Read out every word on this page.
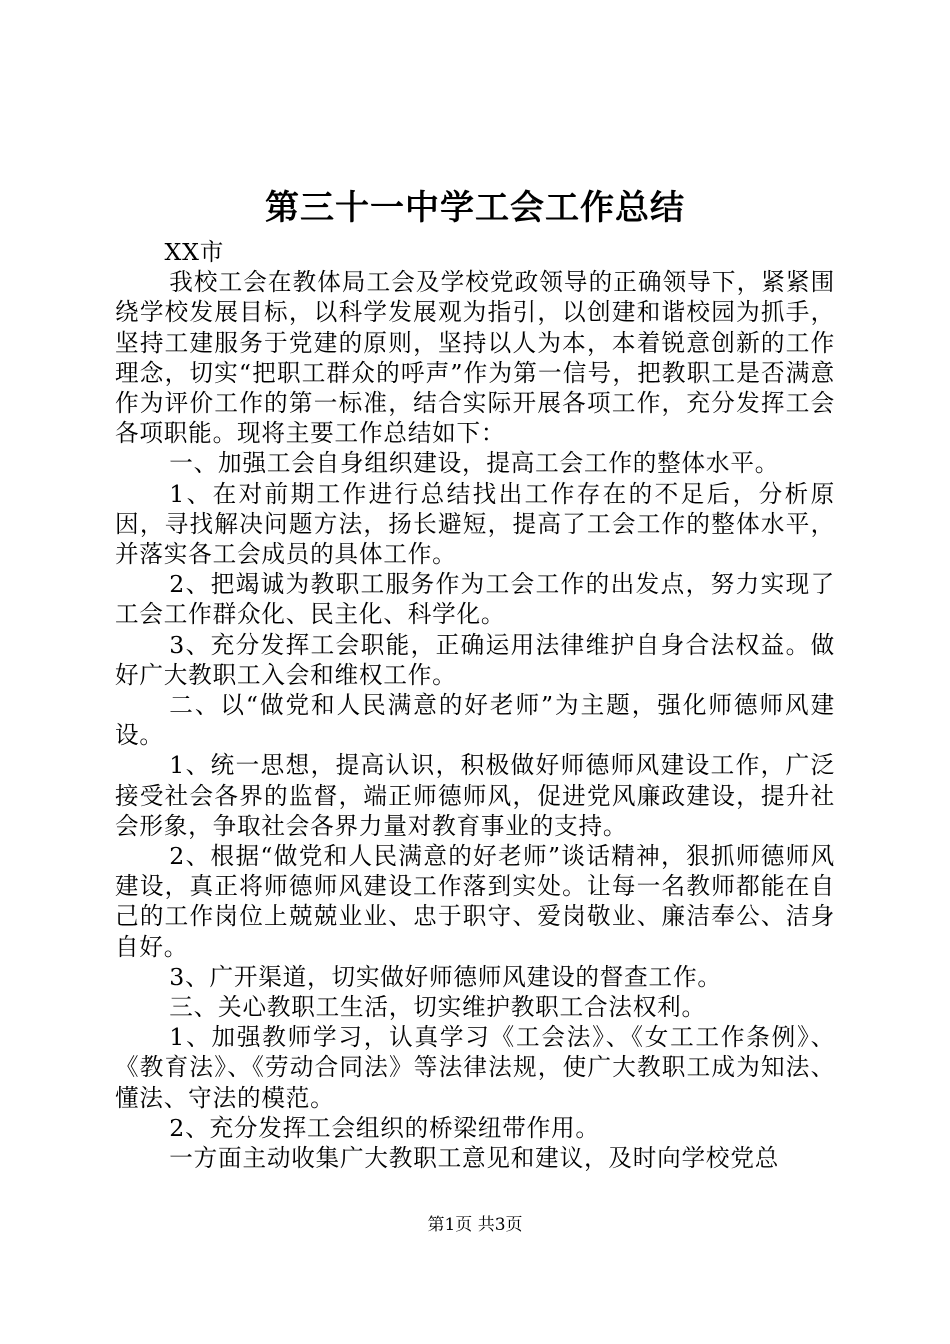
第三十一中学工会工作总结

XX市

我校工会在教体局工会及学校党政领导的正确领导下，紧紧围绕学校发展目标，以科学发展观为指引，以创建和谐校园为抓手，坚持工建服务于党建的原则，坚持以人为本，本着锐意创新的工作理念，切实“把职工群众的呼声”作为第一信号，把教职工是否满意作为评价工作的第一标准，结合实际开展各项工作，充分发挥工会各项职能。现将主要工作总结如下：

一、加强工会自身组织建设，提高工会工作的整体水平。

1、在对前期工作进行总结找出工作存在的不足后，分析原因，寻找解决问题方法，扬长避短，提高了工会工作的整体水平，并落实各工会成员的具体工作。

2、把竭诚为教职工服务作为工会工作的出发点，努力实现了工会工作群众化、民主化、科学化。

3、充分发挥工会职能，正确运用法律维护自身合法权益。做好广大教职工入会和维权工作。

二、以“做党和人民满意的好老师”为主题，强化师德师风建设。

1、统一思想，提高认识，积极做好师德师风建设工作，广泛接受社会各界的监督，端正师德师风，促进党风廉政建设，提升社会形象，争取社会各界力量对教育事业的支持。

2、根据“做党和人民满意的好老师”谈话精神，狠抓师德师风建设，真正将师德师风建设工作落到实处。让每一名教师都能在自己的工作岗位上兢兢业业、忠于职守、爱岗敬业、廉洁奉公、洁身自好。

3、广开渠道，切实做好师德师风建设的督查工作。

三、关心教职工生活，切实维护教职工合法权利。

1、加强教师学习，认真学习《工会法》、《女工工作条例》、《教育法》、《劳动合同法》等法律法规，使广大教职工成为知法、懂法、守法的模范。

2、充分发挥工会组织的桥梁纽带作用。

一方面主动收集广大教职工意见和建议，及时向学校党总

第1页 共3页
